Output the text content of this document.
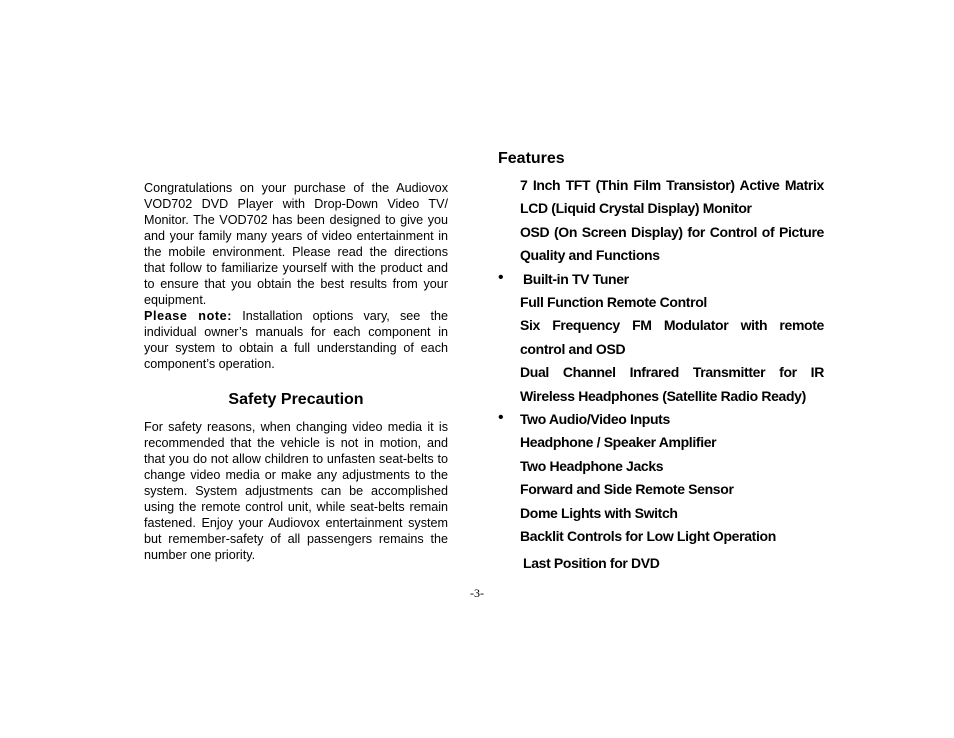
Congratulations on your purchase of the Audiovox VOD702 DVD Player with Drop-Down Video TV/ Monitor. The VOD702 has been designed to give you and your family many years of video entertainment in the mobile environment. Please read the directions that follow to familiarize yourself with the product and to ensure that you obtain the best results from your equipment.

Please note: Installation options vary, see the individual owner’s manuals for each component in your system to obtain a full understanding of each component’s operation.

Safety Precaution

For safety reasons, when changing video media it is recommended that the vehicle is not in motion, and that you do not allow children to unfasten seat-belts to change video media or make any adjustments to the system. System adjustments can be accomplished using the remote control unit, while seat-belts remain fastened. Enjoy your Audiovox entertainment system but remember-safety of all passengers remains the number one priority.

Features
7 Inch TFT (Thin Film Transistor) Active Matrix LCD (Liquid Crystal Display) Monitor
OSD (On Screen Display) for Control of Picture Quality and Functions
• Built-in TV Tuner
Full Function Remote Control
Six Frequency FM Modulator with remote control and OSD
Dual Channel Infrared Transmitter for IR Wireless Headphones (Satellite Radio Ready)
• Two Audio/Video Inputs
Headphone / Speaker Amplifier
Two Headphone Jacks
Forward and Side Remote Sensor
Dome Lights with Switch
Backlit Controls for Low Light Operation
Last Position for DVD
-3-
